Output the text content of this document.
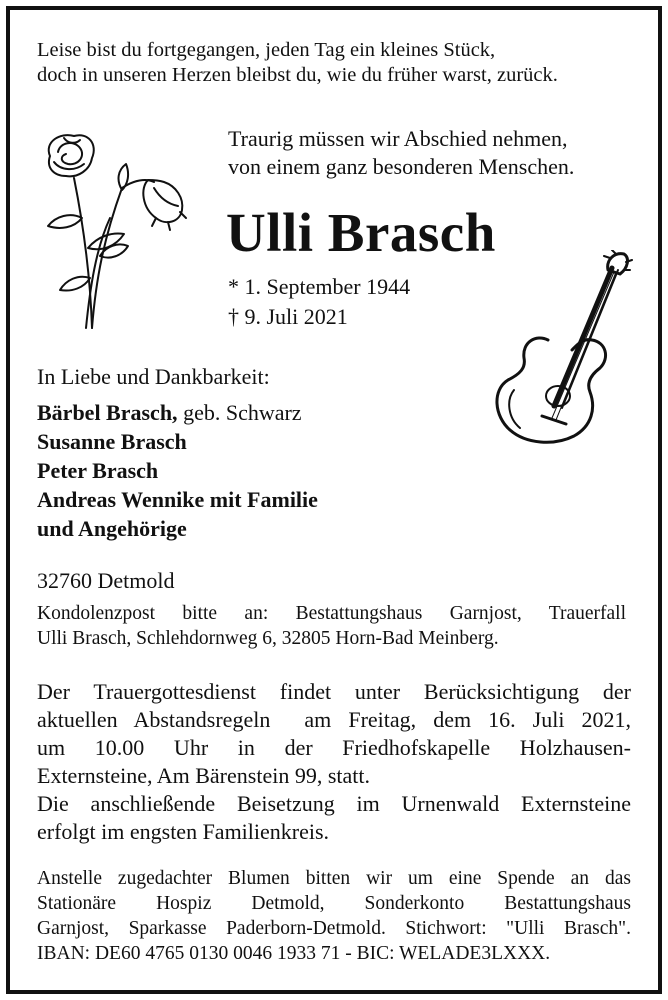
Leise bist du fortgegangen, jeden Tag ein kleines Stück,
doch in unseren Herzen bleibst du, wie du früher warst, zurück.
Traurig müssen wir Abschied nehmen,
von einem ganz besonderen Menschen.
Ulli Brasch
* 1. September 1944
† 9. Juli 2021
In Liebe und Dankbarkeit:
Bärbel Brasch, geb. Schwarz
Susanne Brasch
Peter Brasch
Andreas Wennike mit Familie
und Angehörige
32760 Detmold
Kondolenzpost bitte an: Bestattungshaus Garnjost, Trauerfall
Ulli Brasch, Schlehdornweg 6, 32805 Horn-Bad Meinberg.
Der Trauergottesdienst findet unter Berücksichtigung der
aktuellen Abstandsregeln  am Freitag, dem 16. Juli 2021,
um 10.00 Uhr in der Friedhofskapelle Holzhausen-
Externsteine, Am Bärenstein 99, statt.
Die anschließende Beisetzung im Urnenwald Externsteine
erfolgt im engsten Familienkreis.
Anstelle zugedachter Blumen bitten wir um eine Spende an das
Stationäre Hospiz Detmold, Sonderkonto Bestattungshaus
Garnjost, Sparkasse Paderborn-Detmold. Stichwort: "Ulli Brasch".
IBAN: DE60 4765 0130 0046 1933 71 - BIC: WELADE3LXXX.
